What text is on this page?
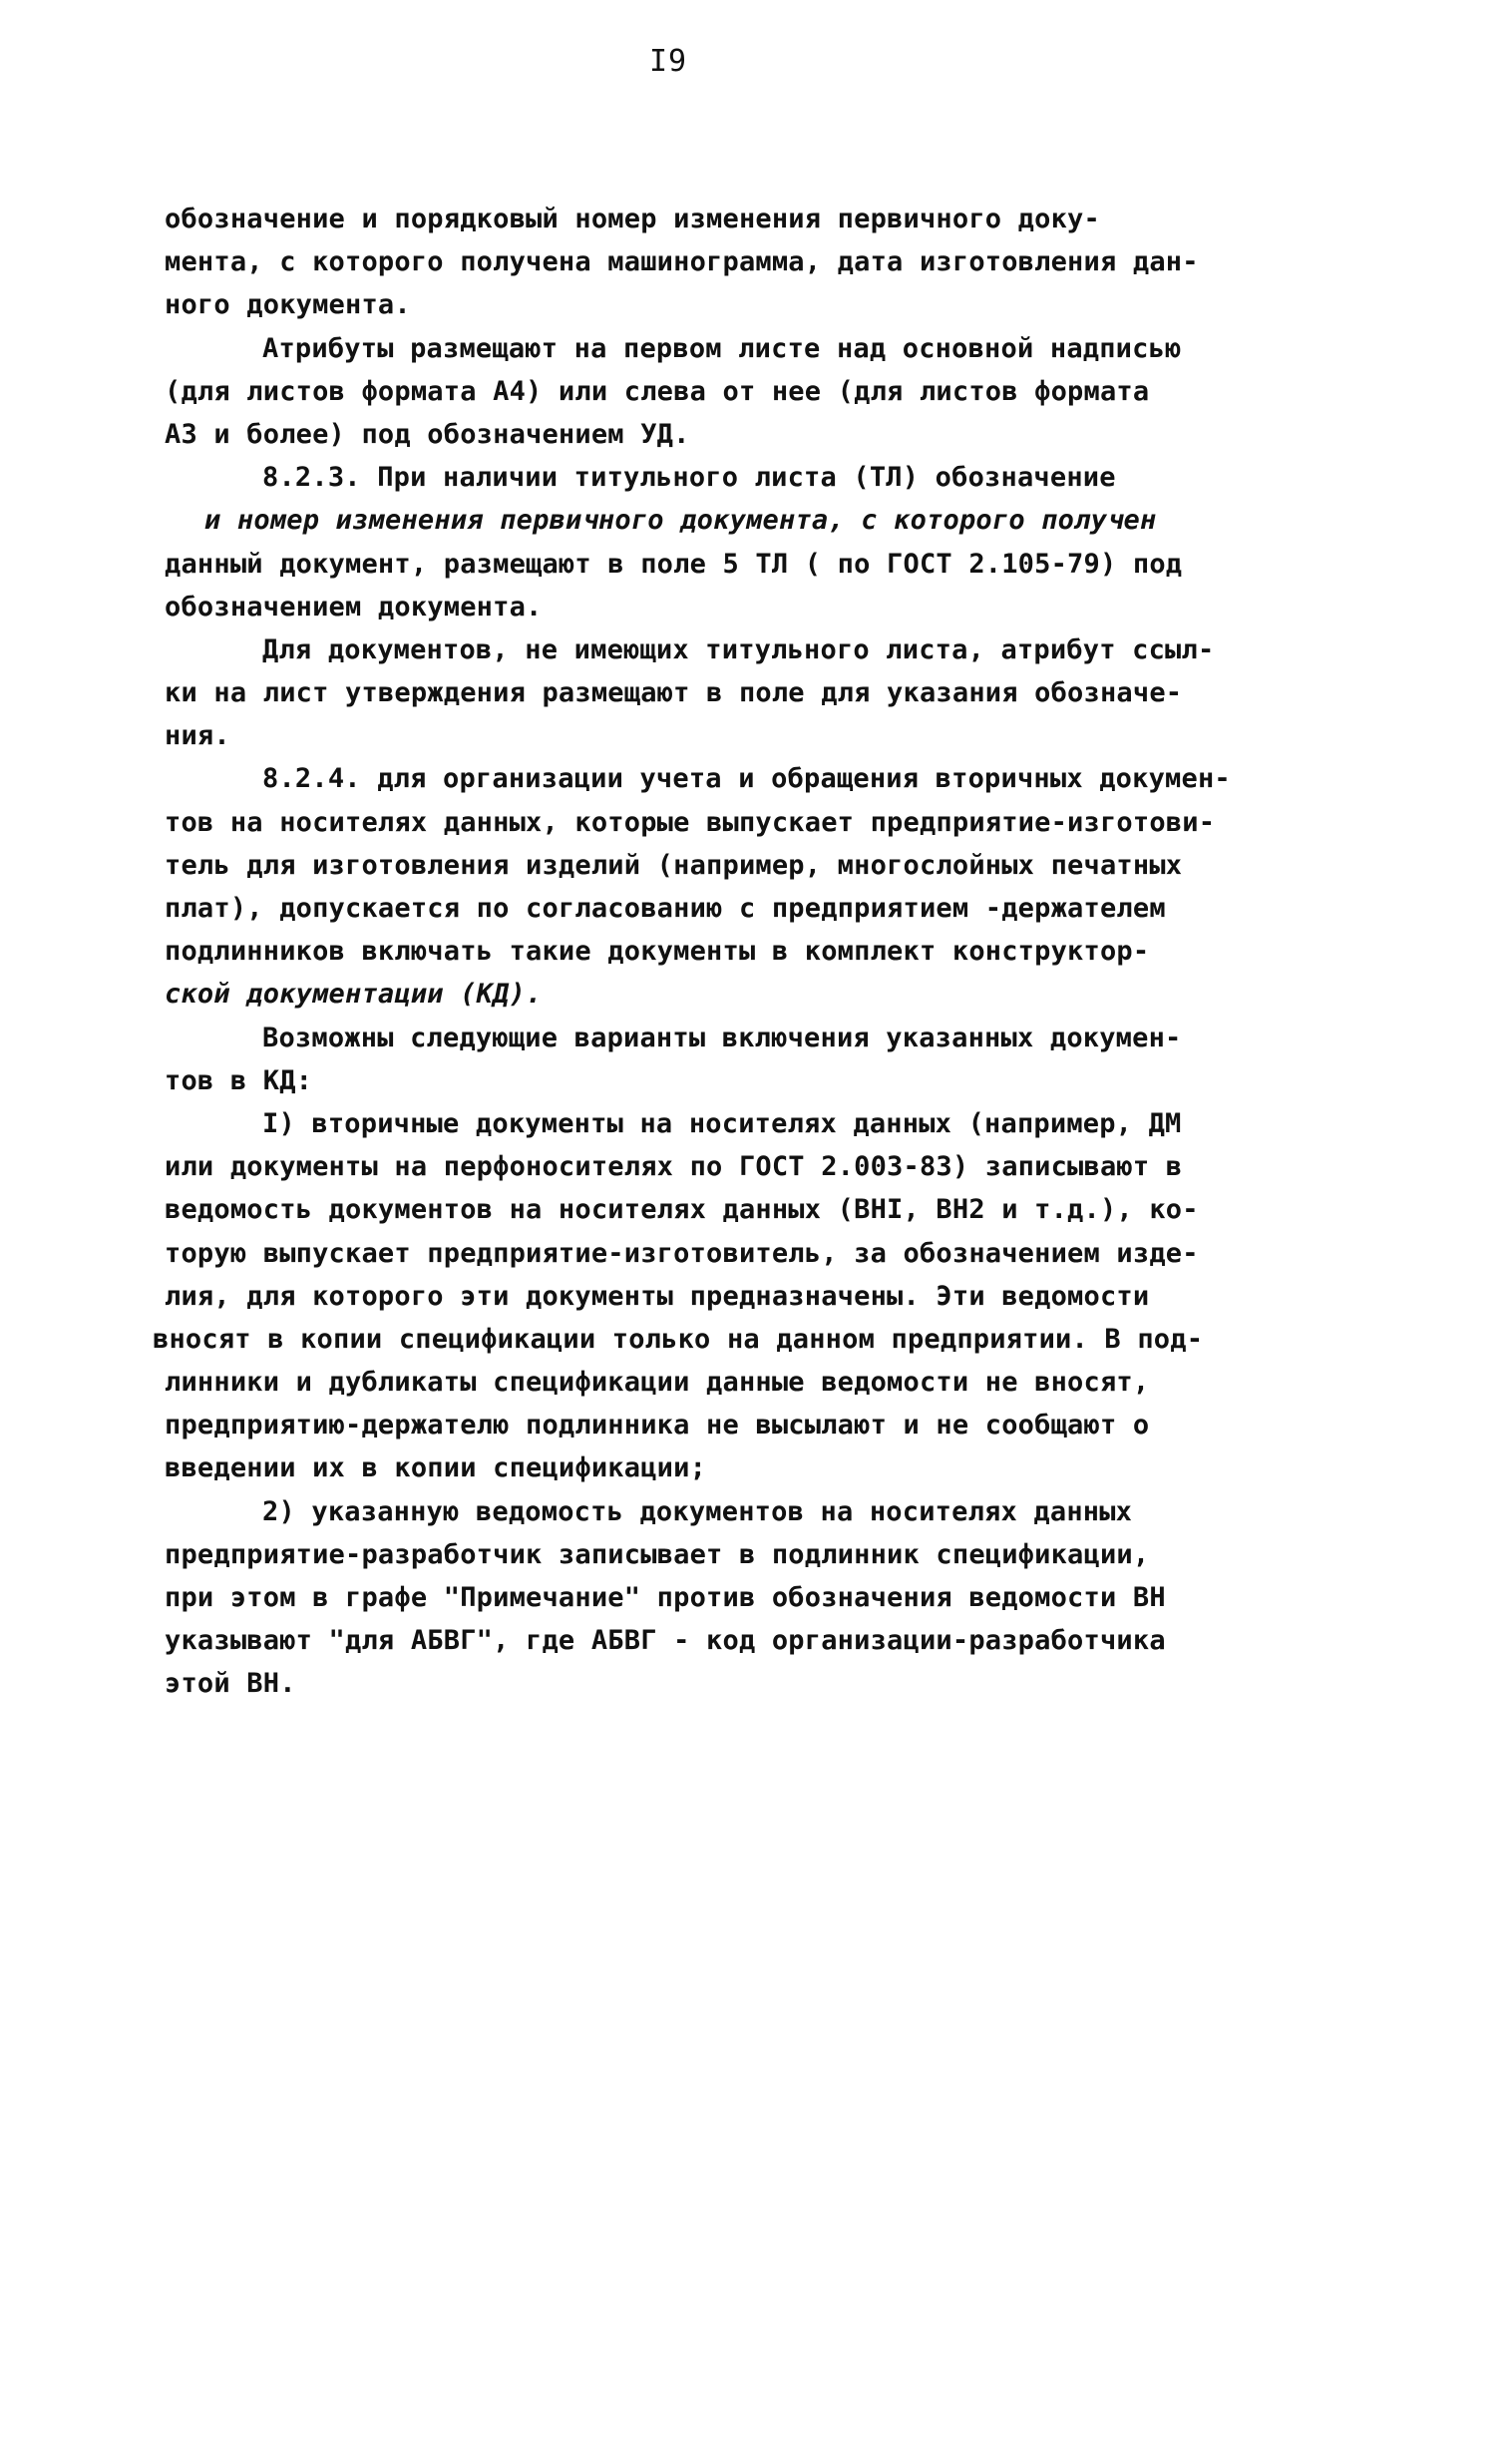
I9
обозначение и порядковый номер изменения первичного доку-
мента, с которого получена машинограмма, дата изготовления дан-
ного документа.
Атрибуты размещают на первом листе над основной надписью
(для листов формата А4) или слева от нее (для листов формата
А3 и более) под обозначением УД.
8.2.3. При наличии титульного листа (ТЛ) обозначение
и номер изменения первичного документа, с которого получен
данный документ, размещают в поле 5 ТЛ ( по ГОСТ 2.105-79) под
обозначением документа.
Для документов, не имеющих титульного листа, атрибут ссыл-
ки на лист утверждения размещают в поле для указания обозначе-
ния.
8.2.4. для организации учета и обращения вторичных докумен-
тов на носителях данных, которые выпускает предприятие-изготови-
тель для изготовления изделий (например, многослойных печатных
плат), допускается по согласованию с предприятием -держателем
подлинников включать такие документы в комплект конструктор-
ской документации (КД).
Возможны следующие варианты включения указанных докумен-
тов в КД:
I) вторичные документы на носителях данных (например, ДМ
или документы на перфоносителях по ГОСТ 2.003-83) записывают в
ведомость документов на носителях данных (ВНI, ВН2 и т.д.), ко-
торую выпускает предприятие-изготовитель, за обозначением изде-
лия, для которого эти документы предназначены. Эти ведомости
вносят в копии спецификации только на данном предприятии. В под-
линники и дубликаты спецификации данные ведомости не вносят,
предприятию-держателю подлинника не высылают и не сообщают о
введении их в копии спецификации;
2) указанную ведомость документов на носителях данных
предприятие-разработчик записывает в подлинник спецификации,
при этом в графе "Примечание" против обозначения ведомости ВН
указывают "для АБВГ", где АБВГ - код организации-разработчика
этой ВН.
